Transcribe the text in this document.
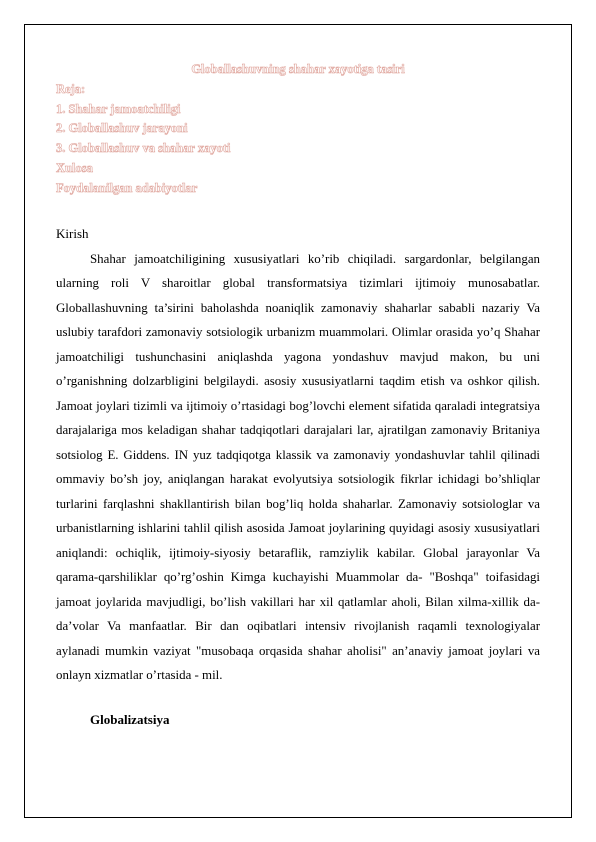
Globallashuvning shahar xayotiga tasiri

Reja:

1. Shahar jamoatchiligi

2. Globallashuv jarayoni

3. Globallashuv va shahar xayoti

Xulosa

Foydalanilgan adabiyotlar

Kirish

Shahar jamoatchiligining xususiyatlari ko’rib chiqiladi. sargardonlar, belgilangan ularning roli V sharoitlar global transformatsiya tizimlari ijtimoiy munosabatlar. Globallashuvning ta’sirini baholashda noaniqlik zamonaviy shaharlar sababli nazariy Va uslubiy tarafdori zamonaviy sotsiologik urbanizm muammolari. Olimlar orasida yo’q Shahar jamoatchiligi tushunchasini aniqlashda yagona yondashuv mavjud makon, bu uni o’rganishning dolzarbligini belgilaydi. asosiy xususiyatlarni taqdim etish va oshkor qilish. Jamoat joylari tizimli va ijtimoiy o’rtasidagi bog’lovchi element sifatida qaraladi integratsiya darajalariga mos keladigan shahar tadqiqotlari darajalari lar, ajratilgan zamonaviy Britaniya sotsiolog E. Giddens. IN yuz tadqiqotga klassik va zamonaviy yondashuvlar tahlil qilinadi ommaviy bo’sh joy, aniqlangan harakat evolyutsiya sotsiologik fikrlar ichidagi bo’shliqlar turlarini farqlashni shakllantirish bilan bog’liq holda shaharlar. Zamonaviy sotsiologlar va urbanistlarning ishlarini tahlil qilish asosida Jamoat joylarining quyidagi asosiy xususiyatlari aniqlandi: ochiqlik, ijtimoiy-siyosiy betaraflik, ramziylik kabilar. Global jarayonlar Va qarama-qarshiliklar qo’rg’oshin Kimga kuchayishi Muammolar da- "Boshqa" toifasidagi jamoat joylarida mavjudligi, bo’lish vakillari har xil qatlamlar aholi, Bilan xilma-xillik da- da’volar Va manfaatlar. Bir dan oqibatlari intensiv rivojlanish raqamli texnologiyalar aylanadi mumkin vaziyat "musobaqa orqasida shahar aholisi" an’anaviy jamoat joylari va onlayn xizmatlar o’rtasida - mil.

Globalizatsiya
